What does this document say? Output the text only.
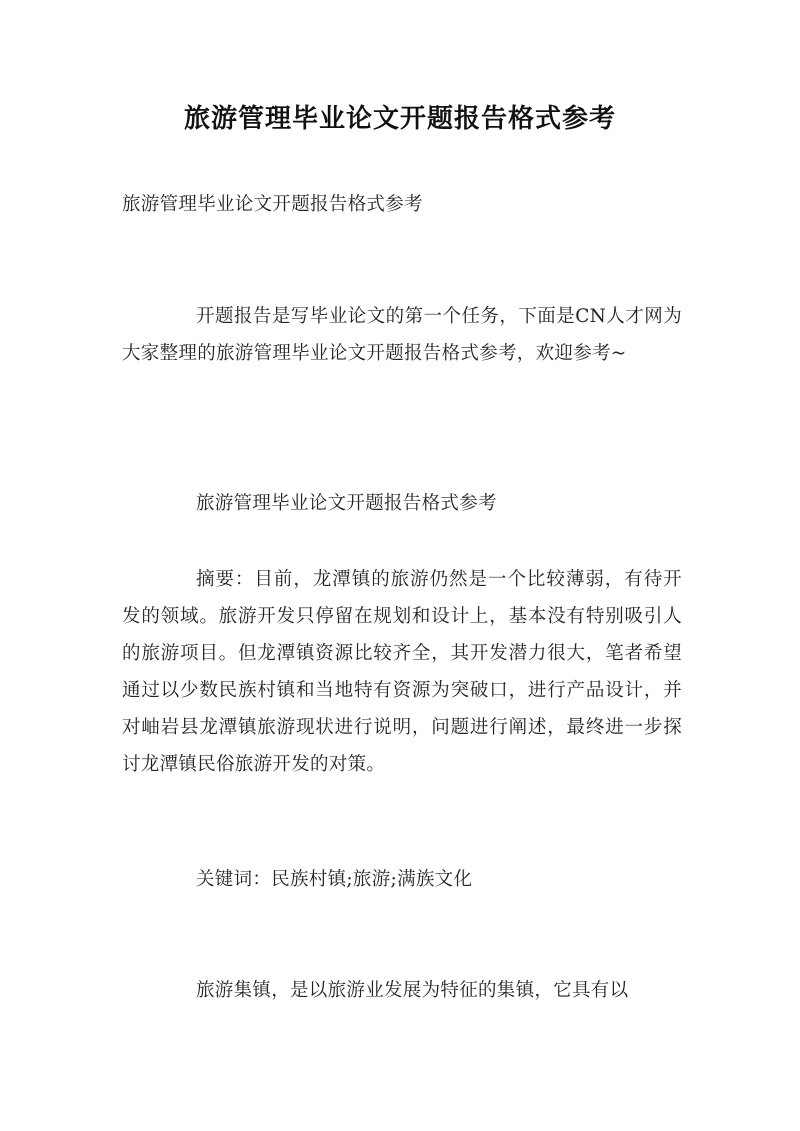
旅游管理毕业论文开题报告格式参考

旅游管理毕业论文开题报告格式参考

开题报告是写毕业论文的第一个任务，下面是CN人才网为大家整理的旅游管理毕业论文开题报告格式参考，欢迎参考~

旅游管理毕业论文开题报告格式参考

摘要：目前，龙潭镇的旅游仍然是一个比较薄弱，有待开发的领域。旅游开发只停留在规划和设计上，基本没有特别吸引人的旅游项目。但龙潭镇资源比较齐全，其开发潜力很大，笔者希望通过以少数民族村镇和当地特有资源为突破口，进行产品设计，并对岫岩县龙潭镇旅游现状进行说明，问题进行阐述，最终进一步探讨龙潭镇民俗旅游开发的对策。

关键词：民族村镇;旅游;满族文化

旅游集镇，是以旅游业发展为特征的集镇，它具有以
